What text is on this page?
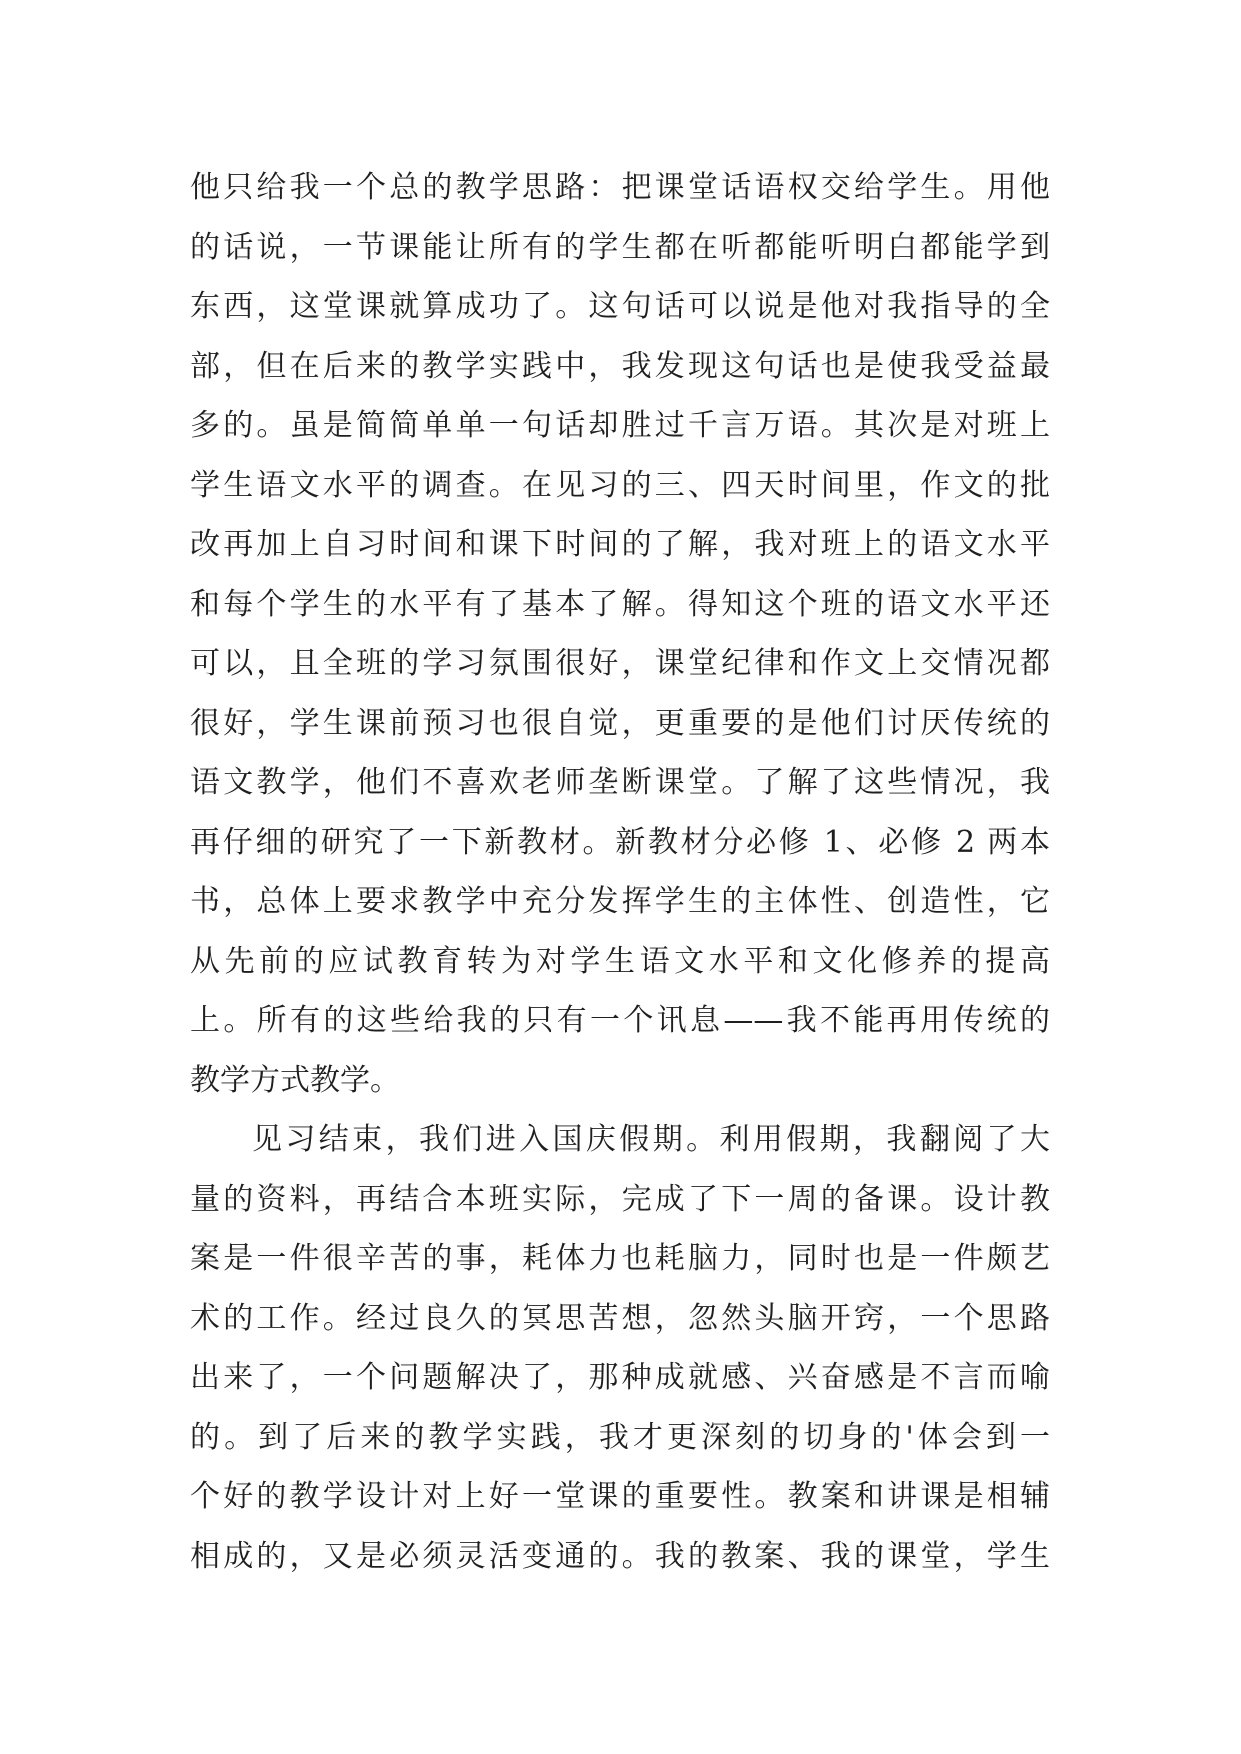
他只给我一个总的教学思路：把课堂话语权交给学生。用他
的话说，一节课能让所有的学生都在听都能听明白都能学到
东西，这堂课就算成功了。这句话可以说是他对我指导的全
部，但在后来的教学实践中，我发现这句话也是使我受益最
多的。虽是简简单单一句话却胜过千言万语。其次是对班上
学生语文水平的调查。在见习的三、四天时间里，作文的批
改再加上自习时间和课下时间的了解，我对班上的语文水平
和每个学生的水平有了基本了解。得知这个班的语文水平还
可以，且全班的学习氛围很好，课堂纪律和作文上交情况都
很好，学生课前预习也很自觉，更重要的是他们讨厌传统的
语文教学，他们不喜欢老师垄断课堂。了解了这些情况，我
再仔细的研究了一下新教材。新教材分必修 1、必修 2 两本
书，总体上要求教学中充分发挥学生的主体性、创造性，它
从先前的应试教育转为对学生语文水平和文化修养的提高
上。所有的这些给我的只有一个讯息——我不能再用传统的
教学方式教学。
见习结束，我们进入国庆假期。利用假期，我翻阅了大
量的资料，再结合本班实际，完成了下一周的备课。设计教
案是一件很辛苦的事，耗体力也耗脑力，同时也是一件颇艺
术的工作。经过良久的冥思苦想，忽然头脑开窍，一个思路
出来了，一个问题解决了，那种成就感、兴奋感是不言而喻
的。到了后来的教学实践，我才更深刻的切身的'体会到一
个好的教学设计对上好一堂课的重要性。教案和讲课是相辅
相成的，又是必须灵活变通的。我的教案、我的课堂，学生
